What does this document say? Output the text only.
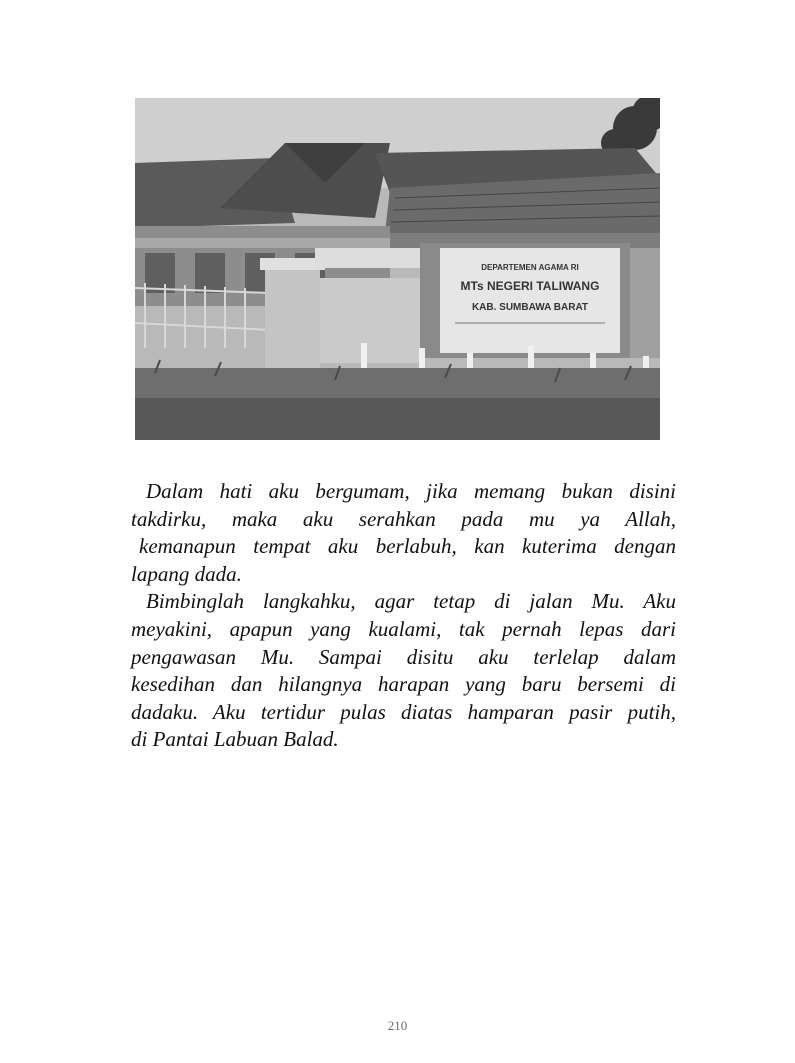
DEPARTEMEN AGAMA RI
MTs NEGERI TALIWANG
KAB. SUMBAWA BARAT
Dalam hati aku bergumam, jika memang bukan disini
takdirku, maka aku serahkan pada mu ya Allah,
kemanapun tempat aku berlabuh, kan kuterima dengan
lapang dada.
Bimbinglah langkahku, agar tetap di jalan Mu. Aku
meyakini, apapun yang kualami, tak pernah lepas dari
pengawasan Mu. Sampai disitu aku terlelap dalam
kesedihan dan hilangnya harapan yang baru bersemi di
dadaku. Aku tertidur pulas diatas hamparan pasir putih,
di Pantai Labuan Balad.
210
